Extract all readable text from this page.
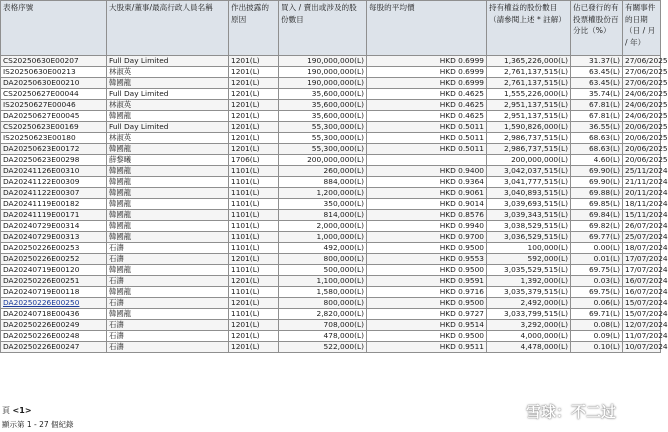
表格序號	大股東/董事/最高行政人員名稱	作出披露的原因	買入 / 賣出或涉及的股份數目	每股的平均價	持有權益的股份數目（請參閱上述 * 註解）	佔已發行的有投票權股份百分比（%）	有關事件的日期（日 / 月 / 年）
CS20250630E00207	Full Day Limited	1201(L)	190,000,000(L)	HKD 0.6999	1,365,226,000(L)	31.37(L)	27/06/2025
IS20250630E00213	林淑英	1201(L)	190,000,000(L)	HKD 0.6999	2,761,137,515(L)	63.45(L)	27/06/2025
DA20250630E00210	韓國龍	1201(L)	190,000,000(L)	HKD 0.6999	2,761,137,515(L)	63.45(L)	27/06/2025
CS20250627E00044	Full Day Limited	1201(L)	35,600,000(L)	HKD 0.4625	1,555,226,000(L)	35.74(L)	24/06/2025
IS20250627E00046	林淑英	1201(L)	35,600,000(L)	HKD 0.4625	2,951,137,515(L)	67.81(L)	24/06/2025
DA20250627E00045	韓國龍	1201(L)	35,600,000(L)	HKD 0.4625	2,951,137,515(L)	67.81(L)	24/06/2025
CS20250623E00169	Full Day Limited	1201(L)	55,300,000(L)	HKD 0.5011	1,590,826,000(L)	36.55(L)	20/06/2025
IS20250623E00180	林淑英	1201(L)	55,300,000(L)	HKD 0.5011	2,986,737,515(L)	68.63(L)	20/06/2025
DA20250623E00172	韓國龍	1201(L)	55,300,000(L)	HKD 0.5011	2,986,737,515(L)	68.63(L)	20/06/2025
DA20250623E00298	薛黎曦	1706(L)	200,000,000(L)		200,000,000(L)	4.60(L)	20/06/2025
DA20241126E00310	韓國龍	1101(L)	260,000(L)	HKD 0.9400	3,042,037,515(L)	69.90(L)	25/11/2024
DA20241122E00309	韓國龍	1101(L)	884,000(L)	HKD 0.9364	3,041,777,515(L)	69.90(L)	21/11/2024
DA20241122E00307	韓國龍	1101(L)	1,200,000(L)	HKD 0.9061	3,040,893,515(L)	69.88(L)	20/11/2024
DA20241119E00182	韓國龍	1101(L)	350,000(L)	HKD 0.9014	3,039,693,515(L)	69.85(L)	18/11/2024
DA20241119E00171	韓國龍	1101(L)	814,000(L)	HKD 0.8576	3,039,343,515(L)	69.84(L)	15/11/2024
DA20240729E00314	韓國龍	1101(L)	2,000,000(L)	HKD 0.9940	3,038,529,515(L)	69.82(L)	26/07/2024
DA20240729E00313	韓國龍	1101(L)	1,000,000(L)	HKD 0.9700	3,036,529,515(L)	69.77(L)	25/07/2024
DA20250226E00253	石濤	1101(L)	492,000(L)	HKD 0.9500	100,000(L)	0.00(L)	18/07/2024
DA20250226E00252	石濤	1201(L)	800,000(L)	HKD 0.9553	592,000(L)	0.01(L)	17/07/2024
DA20240719E00120	韓國龍	1101(L)	500,000(L)	HKD 0.9500	3,035,529,515(L)	69.75(L)	17/07/2024
DA20250226E00251	石濤	1201(L)	1,100,000(L)	HKD 0.9591	1,392,000(L)	0.03(L)	16/07/2024
DA20240719E00118	韓國龍	1101(L)	1,580,000(L)	HKD 0.9716	3,035,379,515(L)	69.75(L)	16/07/2024
DA20250226E00250	石濤	1201(L)	800,000(L)	HKD 0.9500	2,492,000(L)	0.06(L)	15/07/2024
DA20240718E00436	韓國龍	1101(L)	2,820,000(L)	HKD 0.9727	3,033,799,515(L)	69.71(L)	15/07/2024
DA20250226E00249	石濤	1201(L)	708,000(L)	HKD 0.9514	3,292,000(L)	0.08(L)	12/07/2024
DA20250226E00248	石濤	1201(L)	478,000(L)	HKD 0.9500	4,000,000(L)	0.09(L)	11/07/2024
DA20250226E00247	石濤	1201(L)	522,000(L)	HKD 0.9511	4,478,000(L)	0.10(L)	10/07/2024
頁 <1>
顯示第 1 - 27 個紀錄
雪球：不二过
